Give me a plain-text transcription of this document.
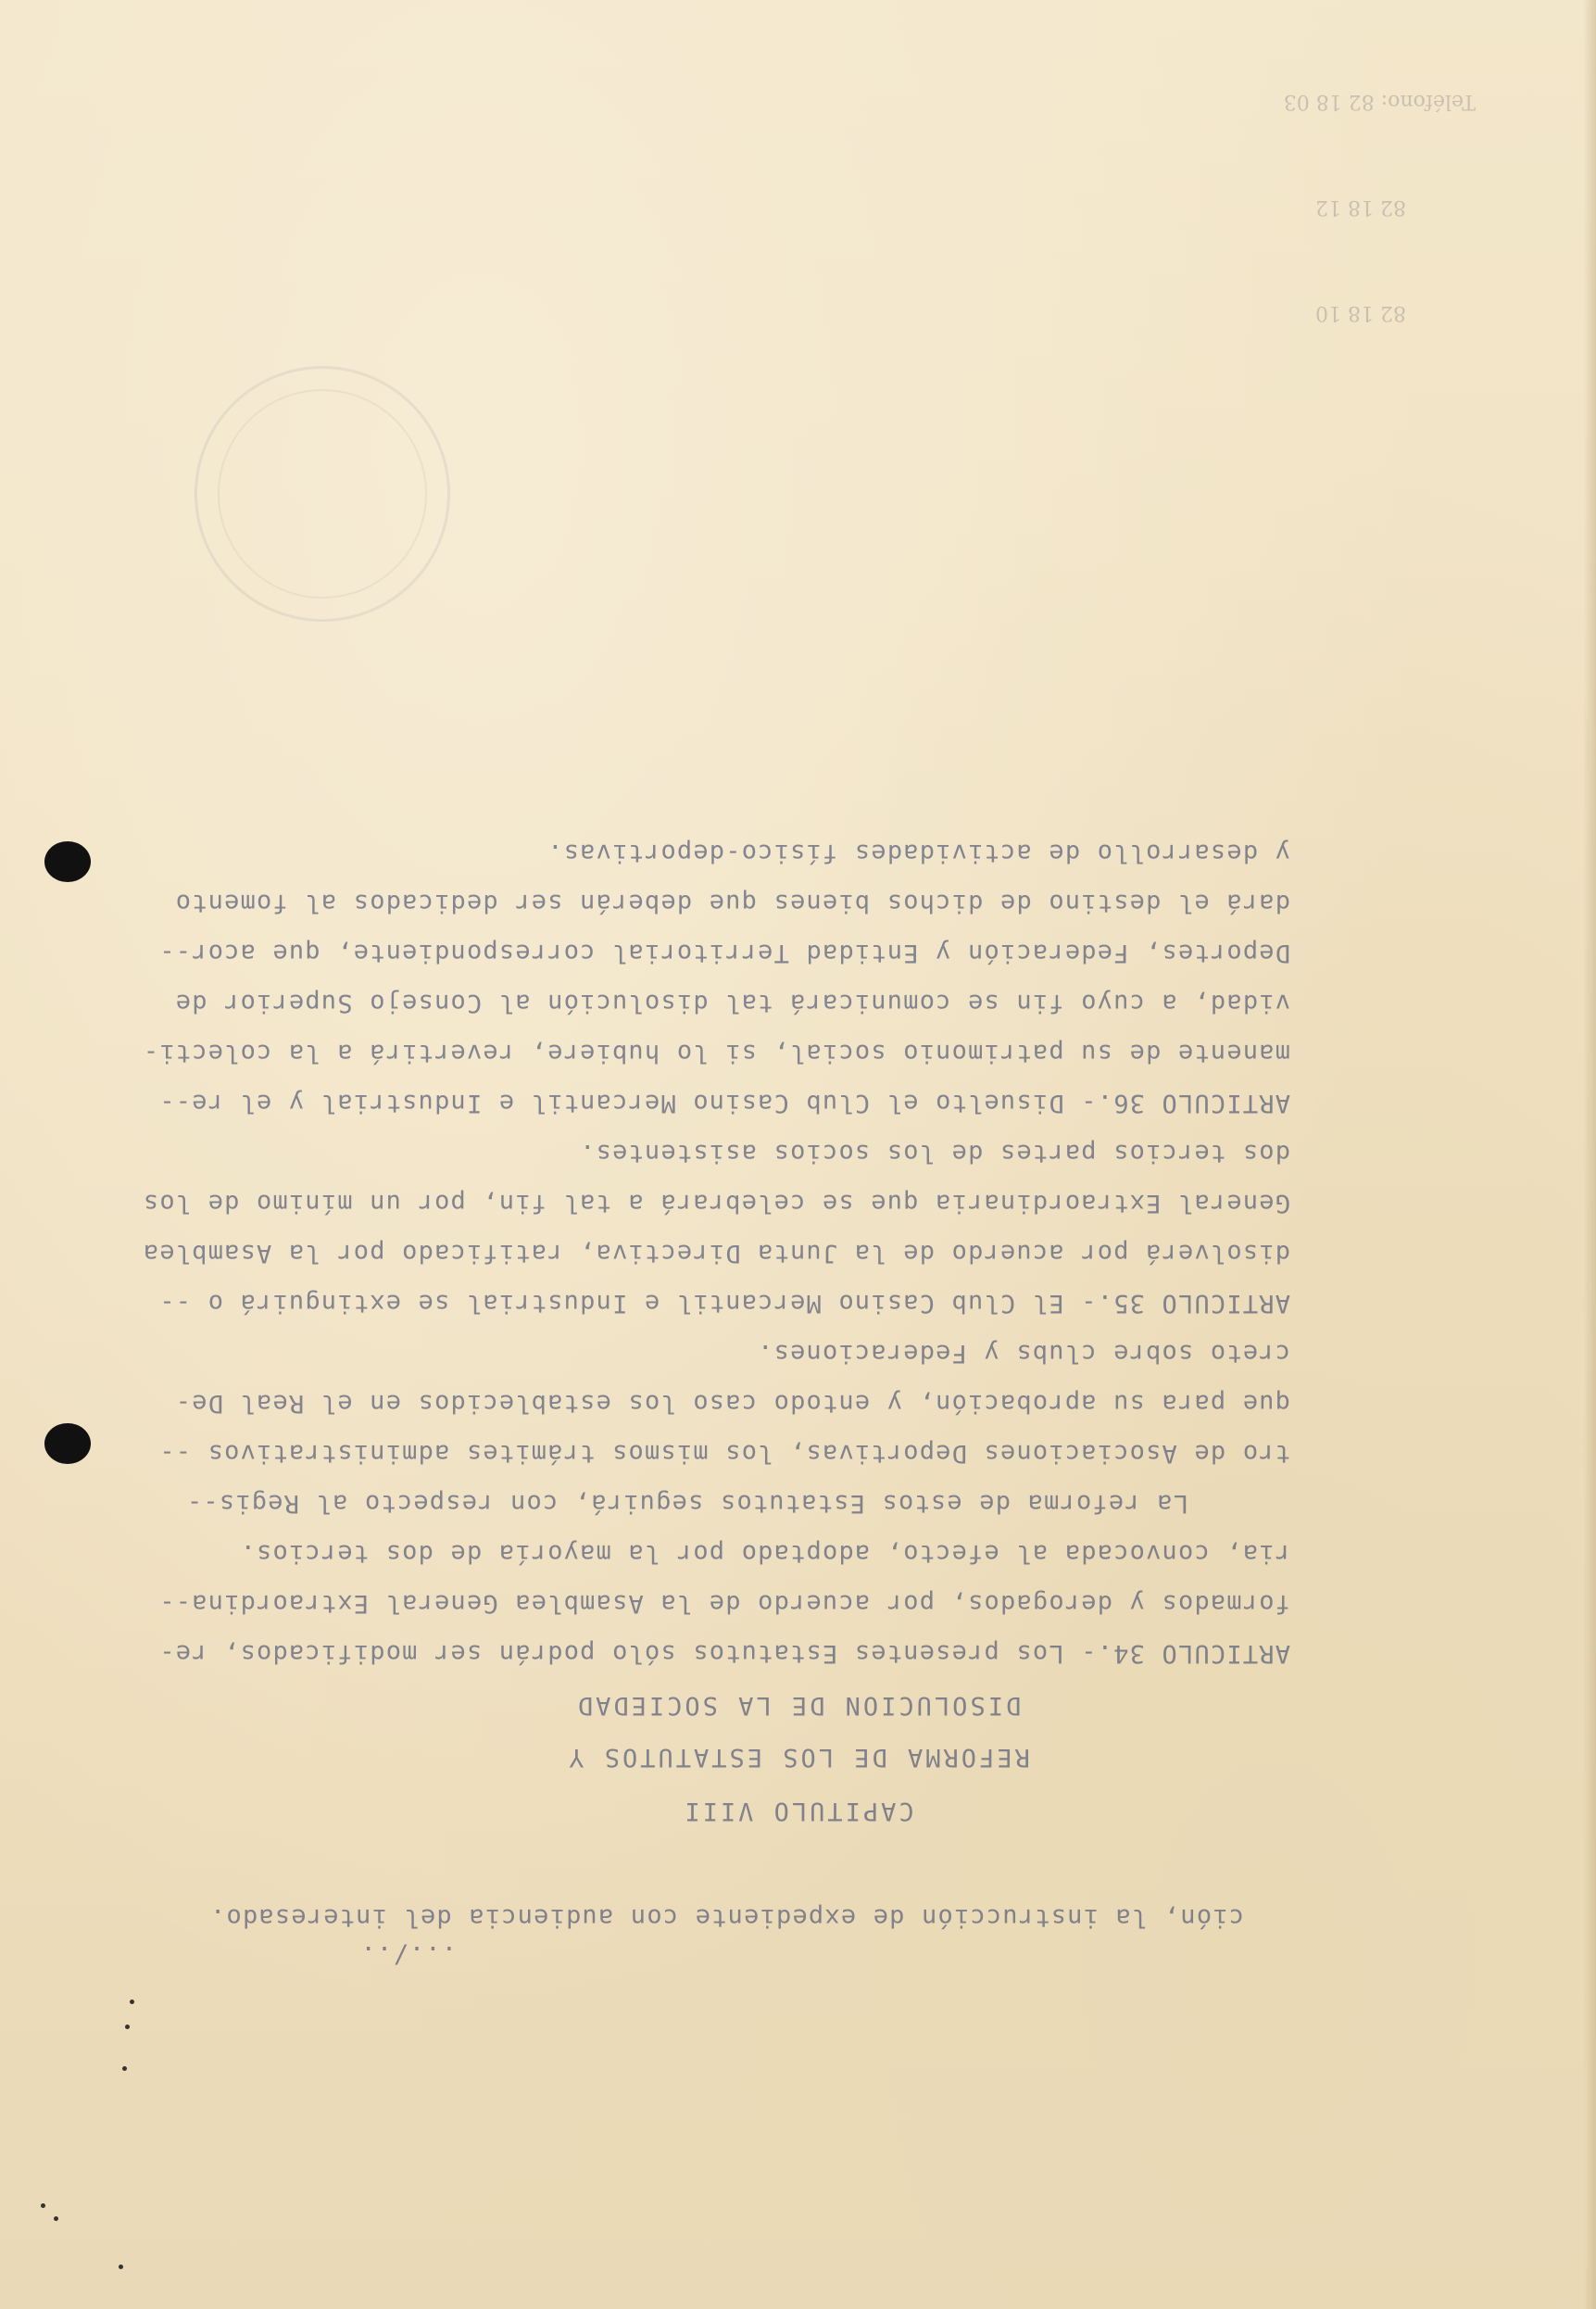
82 18 10

82 18 12

Teléfono: 82 18 03

.../..

ción, la instrucción de expediente con audiencia del interesado.

CAPITULO VIII

REFORMA DE LOS ESTATUTOS Y

DISOLUCION DE LA SOCIEDAD

ARTICULO 34.- Los presentes Estatutos sólo podrán ser modificados, re-

formados y derogados, por acuerdo de la Asamblea General Extraordina--

ria, convocada al efecto, adoptado por la mayoría de dos tercios.

La reforma de estos Estatutos seguirá, con respecto al Regis--

tro de Asociaciones Deportivas, los mismos trámites administrativos --

que para su aprobación, y entodo caso los establecidos en el Real De-

creto sobre clubs y Federaciones.

ARTICULO 35.- El Club Casino Mercantil e Industrial se extinguirá o --

disolverá por acuerdo de la Junta Directiva, ratificado por la Asamblea

General Extraordinaria que se celebrará a tal fin, por un mínimo de los

dos tercios partes de los socios asistentes.

ARTICULO 36.- Disuelto el Club Casino Mercantil e Industrial y el re--

manente de su patrimonio social, si lo hubiere, revertirá a la colecti-

vidad, a cuyo fin se comunicará tal disolución al Consejo Superior de

Deportes, Federación y Entidad Territorial correspondiente, que acor--

dará el destino de dichos bienes que deberán ser dedicados al fomento

y desarrollo de actividades físico-deportivas.
